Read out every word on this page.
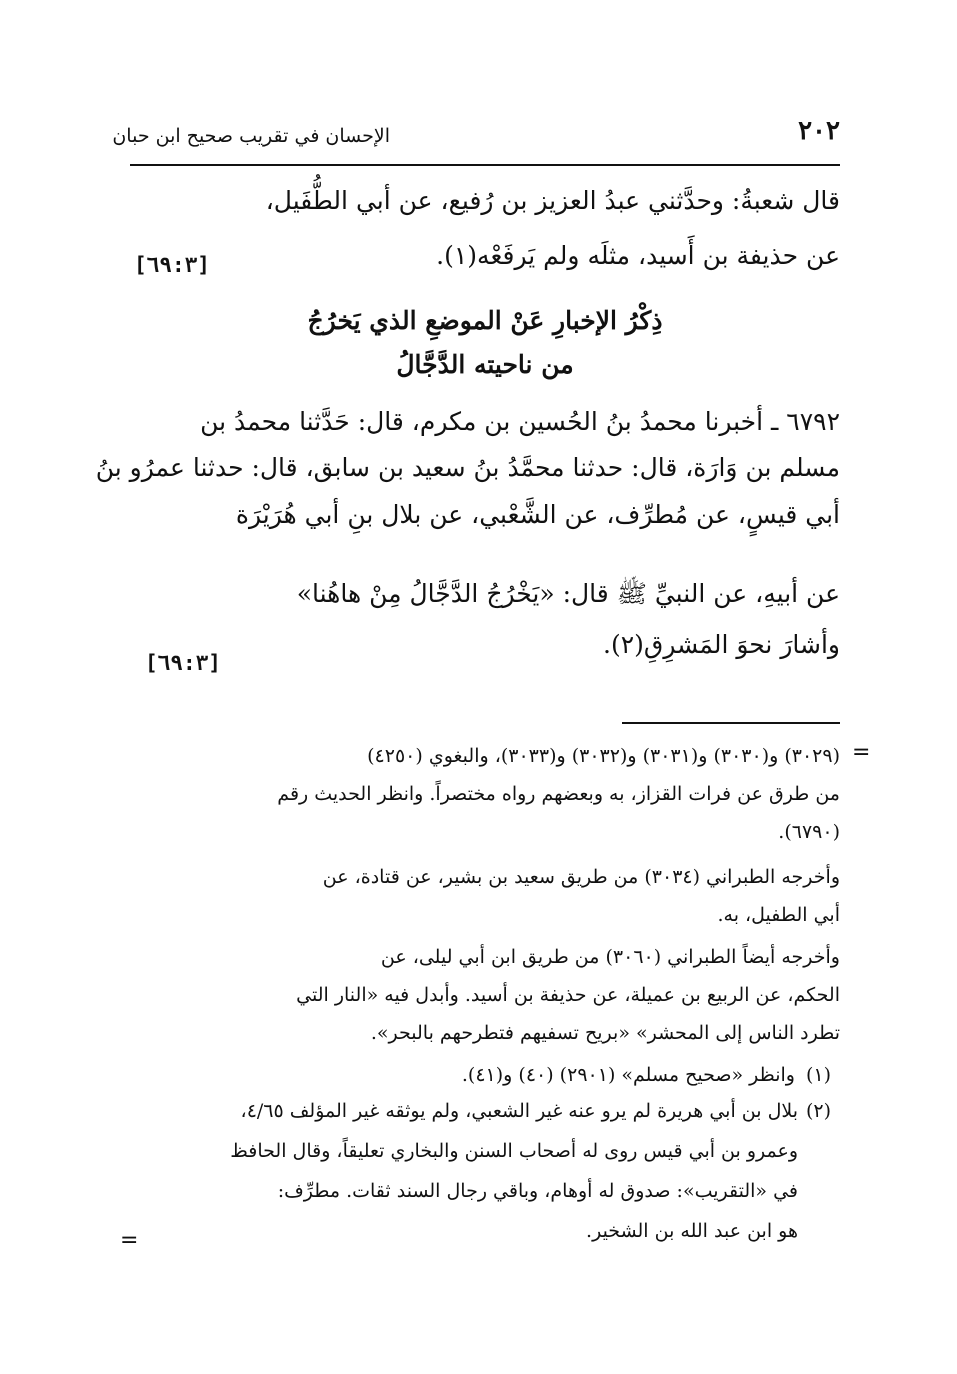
٢٠٢
الإحسان في تقريب صحيح ابن حبان
قال شعبةُ: وحدَّثني عبدُ العزيز بن رُفيع، عن أبي الطُّفَيل،
عن حذيفة بن أَسيد، مثلَه ولم يَرفَعْه(١).
[٦٩:٣]
ذِكْرُ الإخبارِ عَنْ الموضعِ الذي يَخرُجُ
من ناحيته الدَّجَّالُ
٦٧٩٢ ـ أخبرنا محمدُ بنُ الحُسين بن مكرم، قال: حَدَّثنا محمدُ بن
مسلم بن وَارَة، قال: حدثنا محمَّدُ بنُ سعيد بن سابق، قال: حدثنا عمرُو بنُ
أبي قيسٍ، عن مُطرِّف، عن الشَّعْبي، عن بلال بنِ أبي هُرَيْرَة
عن أبيهِ، عن النبيِّ ﷺ قال: «يَخْرُجُ الدَّجَّالُ مِنْ هاهُنا»
وأشارَ نحوَ المَشرِقِ(٢).
[٦٩:٣]
=
(٣٠٢٩) و(٣٠٣٠) و(٣٠٣١) و(٣٠٣٢) و(٣٠٣٣)، والبغوي (٤٢٥٠)
من طرق عن فرات القزاز، به وبعضهم رواه مختصراً. وانظر الحديث رقم
(٦٧٩٠).
وأخرجه الطبراني (٣٠٣٤) من طريق سعيد بن بشير، عن قتادة، عن
أبي الطفيل، به.
وأخرجه أيضاً الطبراني (٣٠٦٠) من طريق ابن أبي ليلى، عن
الحكم، عن الربيع بن عميلة، عن حذيفة بن أسيد. وأبدل فيه «النار التي
تطرد الناس إلى المحشر» «بريح تسفيهم فتطرحهم بالبحر».
(١)
وانظر «صحيح مسلم» (٢٩٠١) (٤٠) و(٤١).
(٢)
بلال بن أبي هريرة لم يرو عنه غير الشعبي، ولم يوثقه غير المؤلف ٤/٦٥،
وعمرو بن أبي قيس روى له أصحاب السنن والبخاري تعليقاً، وقال الحافظ
في «التقريب»: صدوق له أوهام، وباقي رجال السند ثقات. مطرِّف:
هو ابن عبد الله بن الشخير.
=
